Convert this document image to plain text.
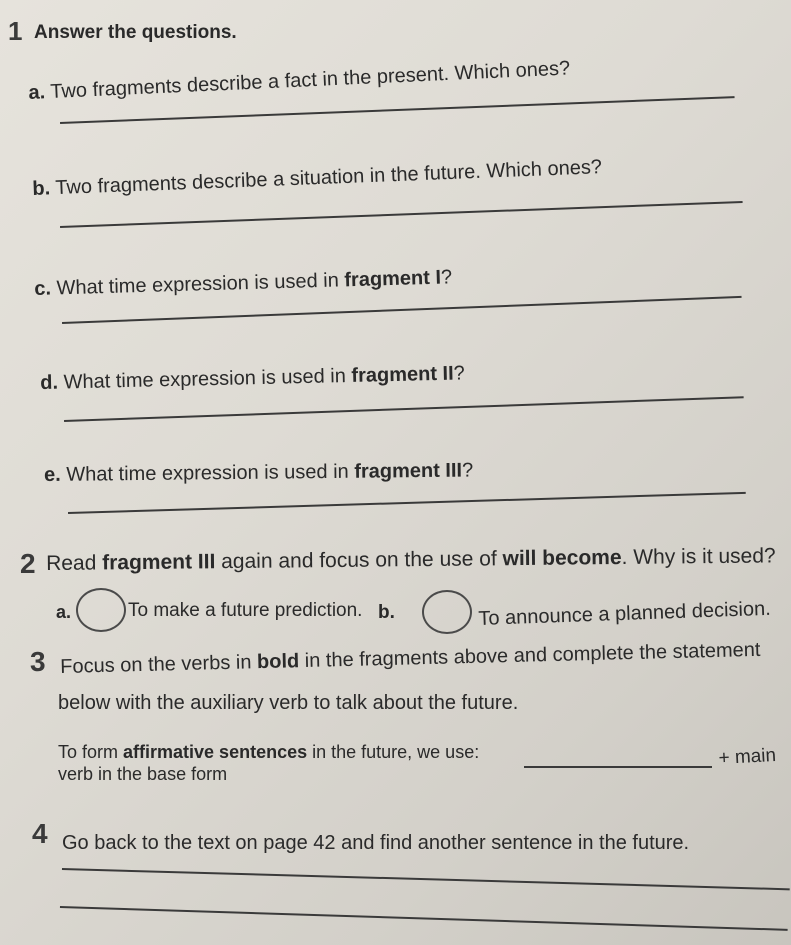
1 Answer the questions.
a. Two fragments describe a fact in the present. Which ones?
b. Two fragments describe a situation in the future. Which ones?
c. What time expression is used in fragment I?
d. What time expression is used in fragment II?
e. What time expression is used in fragment III?
2 Read fragment III again and focus on the use of will become. Why is it used?
a.	To make a future prediction. b.	To announce a planned decision.
3 Focus on the verbs in bold in the fragments above and complete the statement
below with the auxiliary verb to talk about the future.
To form affirmative sentences in the future, we use:	+ main
verb in the base form
4 Go back to the text on page 42 and find another sentence in the future.
